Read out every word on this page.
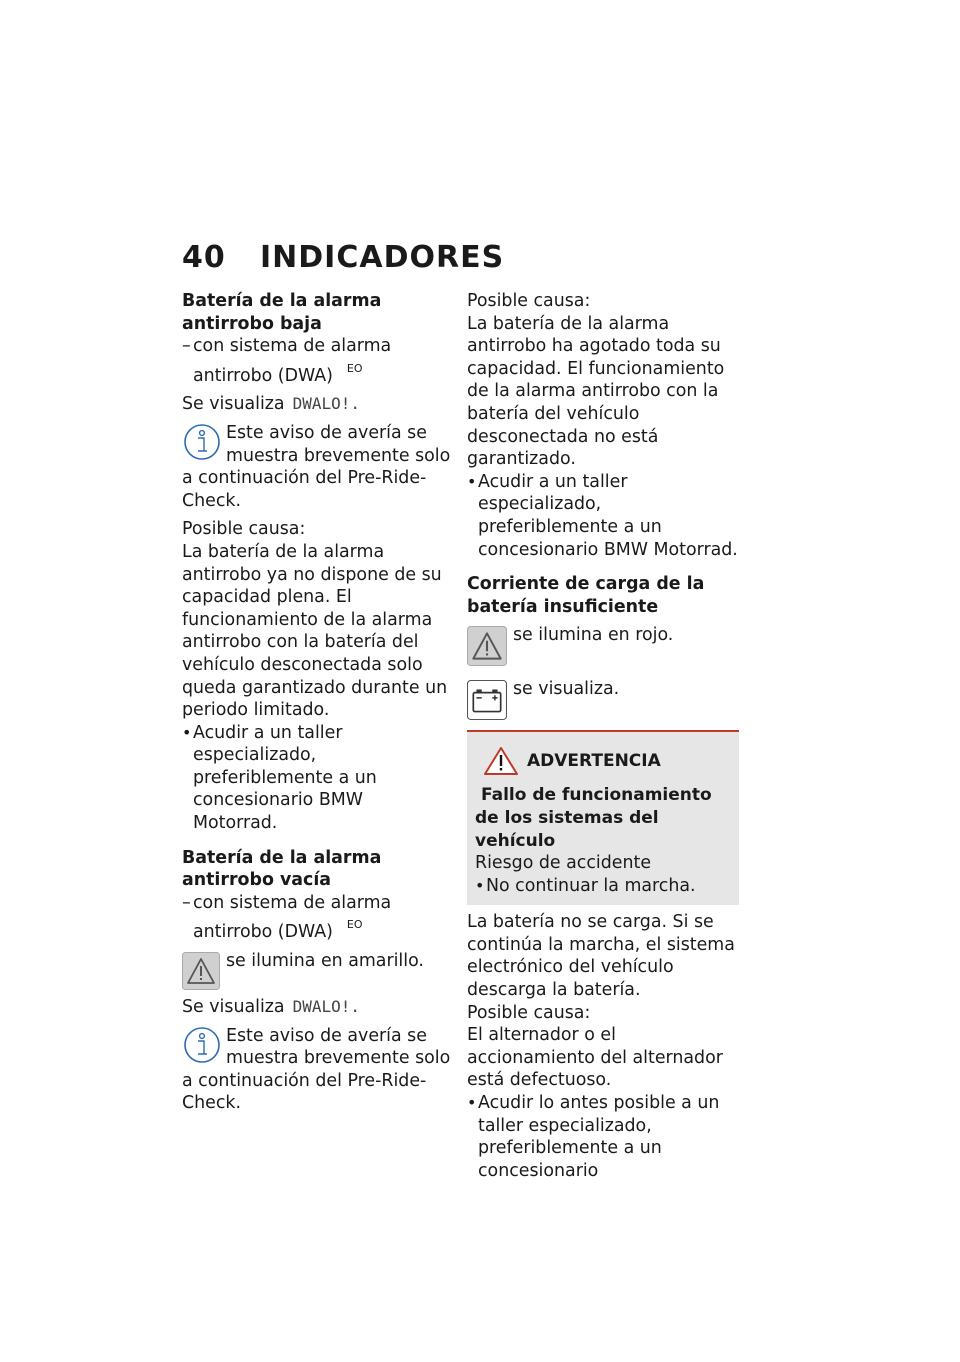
40 INDICADORES

Batería de la alarma antirrobo baja

– con sistema de alarma antirrobo (DWA) $^{EO}$

Se visualiza DWALO!.

Este aviso de avería se muestra brevemente solo a continuación del Pre-Ride-Check.

Posible causa:

La batería de la alarma antirrobo ya no dispone de su capacidad plena. El funcionamiento de la alarma antirrobo con la batería del vehículo desconectada solo queda garantizado durante un periodo limitado.

• Acudir a un taller especializado, preferiblemente a un concesionario BMW Motorrad.

Batería de la alarma antirrobo vacía

– con sistema de alarma antirrobo (DWA) $^{EO}$

se ilumina en amarillo.

Se visualiza DWALO!.

Este aviso de avería se muestra brevemente solo a continuación del Pre-Ride-Check.

Posible causa:

La batería de la alarma antirrobo ha agotado toda su capacidad. El funcionamiento de la alarma antirrobo con la batería del vehículo desconectada no está garantizado.

• Acudir a un taller especializado, preferiblemente a un concesionario BMW Motorrad.

Corriente de carga de la batería insuficiente

se ilumina en rojo.

se visualiza.

ADVERTENCIA

Fallo de funcionamiento de los sistemas del vehículo

Riesgo de accidente

• No continuar la marcha.

La batería no se carga. Si se continúa la marcha, el sistema electrónico del vehículo descarga la batería.

Posible causa:

El alternador o el accionamiento del alternador está defectuoso.

• Acudir lo antes posible a un taller especializado, preferiblemente a un concesionario
